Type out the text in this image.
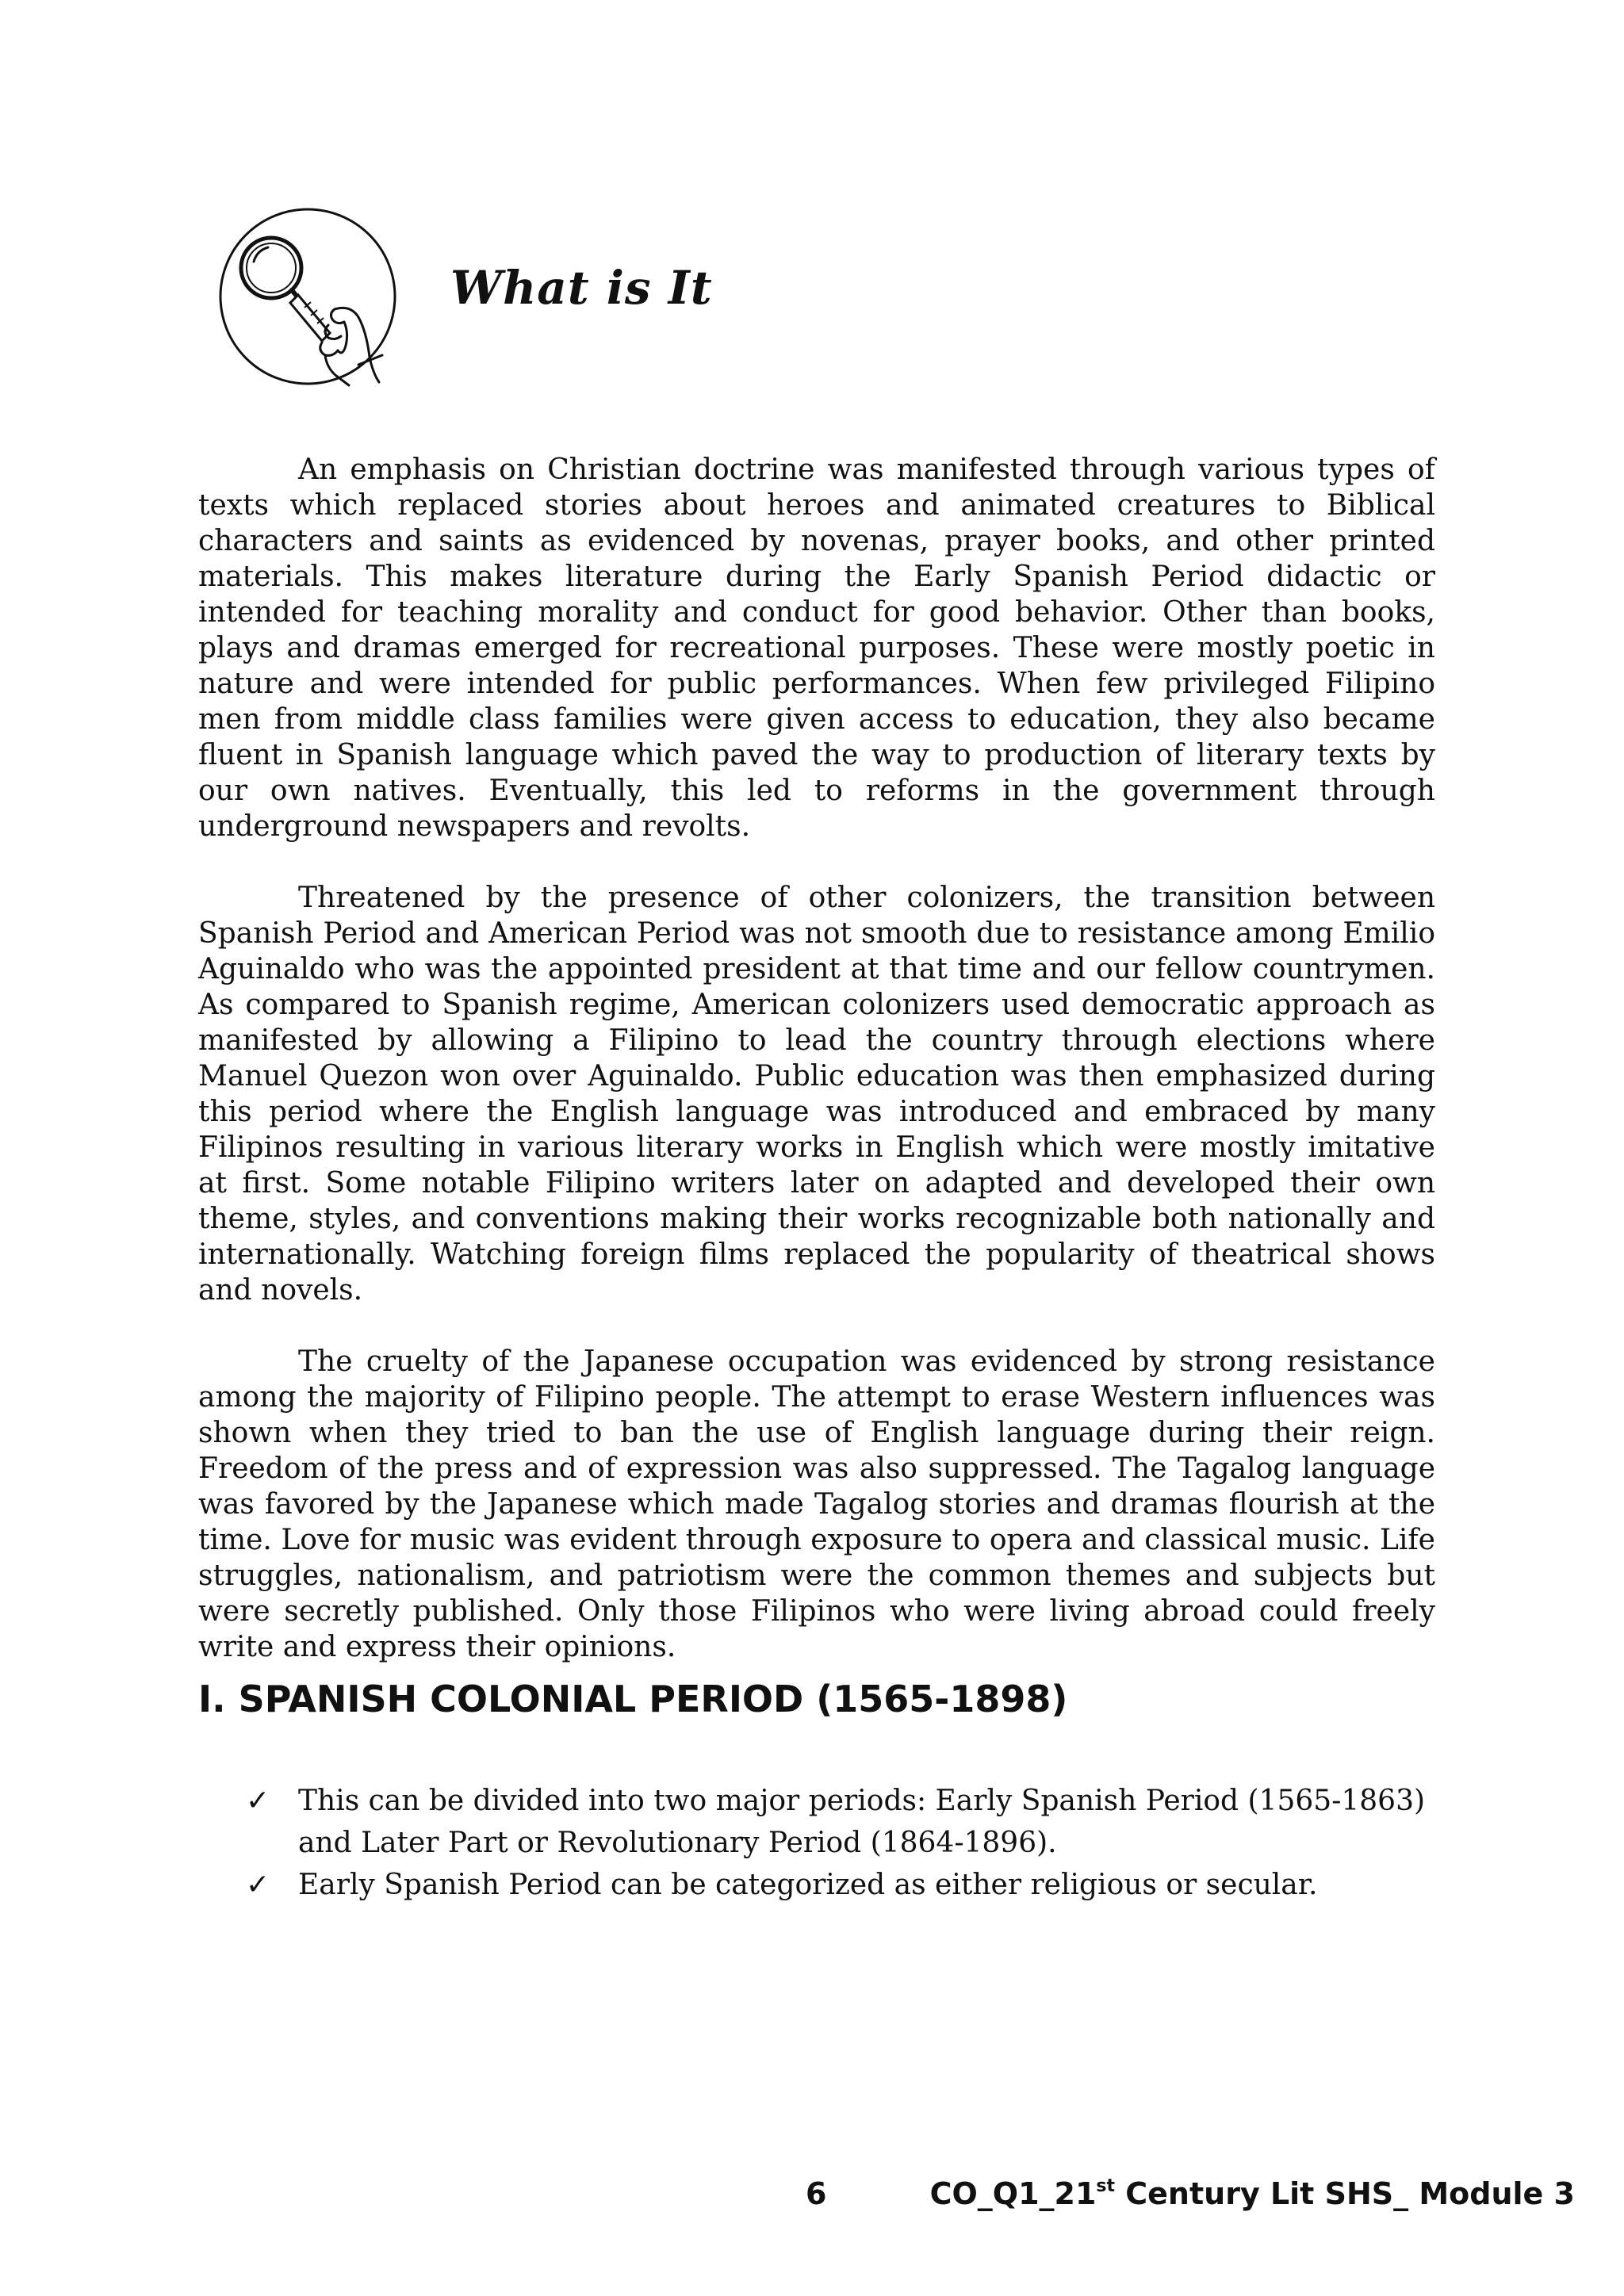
What is It

An emphasis on Christian doctrine was manifested through various types of texts which replaced stories about heroes and animated creatures to Biblical characters and saints as evidenced by novenas, prayer books, and other printed materials. This makes literature during the Early Spanish Period didactic or intended for teaching morality and conduct for good behavior. Other than books, plays and dramas emerged for recreational purposes. These were mostly poetic in nature and were intended for public performances. When few privileged Filipino men from middle class families were given access to education, they also became fluent in Spanish language which paved the way to production of literary texts by our own natives. Eventually, this led to reforms in the government through underground newspapers and revolts.

Threatened by the presence of other colonizers, the transition between Spanish Period and American Period was not smooth due to resistance among Emilio Aguinaldo who was the appointed president at that time and our fellow countrymen. As compared to Spanish regime, American colonizers used democratic approach as manifested by allowing a Filipino to lead the country through elections where Manuel Quezon won over Aguinaldo. Public education was then emphasized during this period where the English language was introduced and embraced by many Filipinos resulting in various literary works in English which were mostly imitative at first. Some notable Filipino writers later on adapted and developed their own theme, styles, and conventions making their works recognizable both nationally and internationally. Watching foreign films replaced the popularity of theatrical shows and novels.

The cruelty of the Japanese occupation was evidenced by strong resistance among the majority of Filipino people. The attempt to erase Western influences was shown when they tried to ban the use of English language during their reign. Freedom of the press and of expression was also suppressed. The Tagalog language was favored by the Japanese which made Tagalog stories and dramas flourish at the time. Love for music was evident through exposure to opera and classical music. Life struggles, nationalism, and patriotism were the common themes and subjects but were secretly published. Only those Filipinos who were living abroad could freely write and express their opinions.

I. SPANISH COLONIAL PERIOD (1565-1898)
✓ This can be divided into two major periods: Early Spanish Period (1565-1863) and Later Part or Revolutionary Period (1864-1896).
✓ Early Spanish Period can be categorized as either religious or secular.
6	CO_Q1_21st Century Lit SHS_ Module 3
